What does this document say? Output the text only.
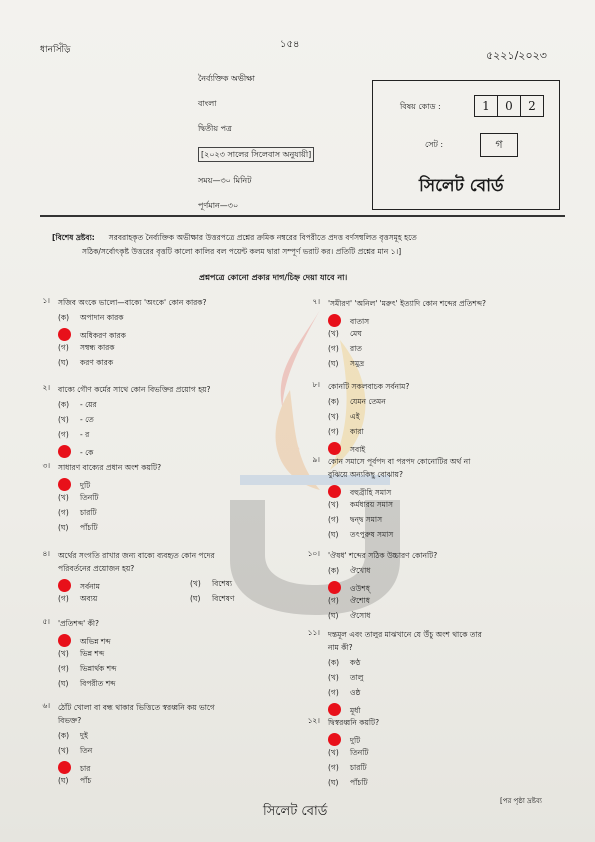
ধানসিঁড়ি	১৫৪
৫২২১/২০২৩
নৈর্ব্যক্তিক অভীক্ষা
বাংলা
দ্বিতীয় পত্র
[২০২৩ সালের সিলেবাস অনুযায়ী]
সময়—৩০ মিনিট
পূর্ণমান—৩০
বিষয় কোড :	1	0	2
সেট :	গ
সিলেট বোর্ড
[বিশেষ দ্রষ্টব্য: সরবরাহকৃত নৈর্ব্যক্তিক অভীক্ষার উত্তরপত্রে প্রশ্নের ক্রমিক নম্বরের বিপরীতে প্রদত্ত বর্ণসম্বলিত বৃত্তসমূহ হতে
সঠিক/সর্বোৎকৃষ্ট উত্তরের বৃত্তটি কালো কালির বল পয়েন্ট কলম দ্বারা সম্পূর্ণ ভরাট কর। প্রতিটি প্রশ্নের মান ১।]
প্রশ্নপত্রে কোনো প্রকার দাগ/চিহ্ন দেয়া যাবে না।
১। সজিব অংকে ভালো—বাক্যে 'অংকে' কোন কারক?
(ক) অপাদান কারক
অধিকরণ কারক
(গ) সম্বন্ধ কারক
(ঘ) করণ কারক
২। বাক্যে গৌণ কর্মের সাথে কোন বিভক্তির প্রয়োগ হয়?
(ক) - য়ের
(খ) - তে
(গ) - র
- কে
৩। সাধারণ বাক্যের প্রধান অংশ কয়টি?
দুটি
(খ) তিনটি
(গ) চারটি
(ঘ) পাঁচটি
৪। অর্থের সংগতি রাখার জন্য বাক্যে ব্যবহৃত কোন পদের
পরিবর্তনের প্রয়োজন হয়?
সর্বনাম
(গ) অব্যয়
(খ) বিশেষ্য
(ঘ) বিশেষণ
৫। 'প্রতিশব্দ' কী?
অভিন্ন শব্দ
(খ) ভিন্ন শব্দ
(গ) ভিন্নার্থক শব্দ
(ঘ) বিপরীত শব্দ
৬। ঠোঁট খোলা বা বন্ধ থাকার ভিত্তিতে স্বরধ্বনি কয় ভাগে
বিভক্ত?
(ক) দুই
(খ) তিন
চার
(ঘ) পাঁচ
৭। 'সমীরণ' 'অনিল' 'মরুৎ' ইত্যাদি কোন শব্দের প্রতিশব্দ?
বাতাস
(খ) মেঘ
(গ) রাত
(ঘ) সমুদ্র
৮। কোনটি সকলবাচক সর্বনাম?
(ক) যেমন তেমন
(খ) এই
(গ) কারা
সবাই
৯। কোন সমাসে পূর্বপদ বা পরপদ কোনোটির অর্থ না
বুঝিয়ে অন্যকিছু বোঝায়?
বহুব্রীহি সমাস
(খ) কর্মধারয় সমাস
(গ) দ্বন্দ্ব সমাস
(ঘ) তৎপুরুষ সমাস
১০। 'ঔষধ' শব্দের সঠিক উচ্চারণ কোনটি?
(ক) ঔখোধ
ওউশধ্
(গ) ঔশোধ
(ঘ) ঔসোধ
১১। দন্তমূল এবং তালুর মাঝখানে যে উঁচু অংশ থাকে তার
নাম কী?
(ক) কণ্ঠ
(খ) তালু
(গ) ওষ্ঠ
মূর্ধা
১২। দ্বিস্বরধ্বনি কয়টি?
দুটি
(খ) তিনটি
(গ) চারটি
(ঘ) পাঁচটি
সিলেট বোর্ড
[পর পৃষ্ঠা দ্রষ্টব্য
